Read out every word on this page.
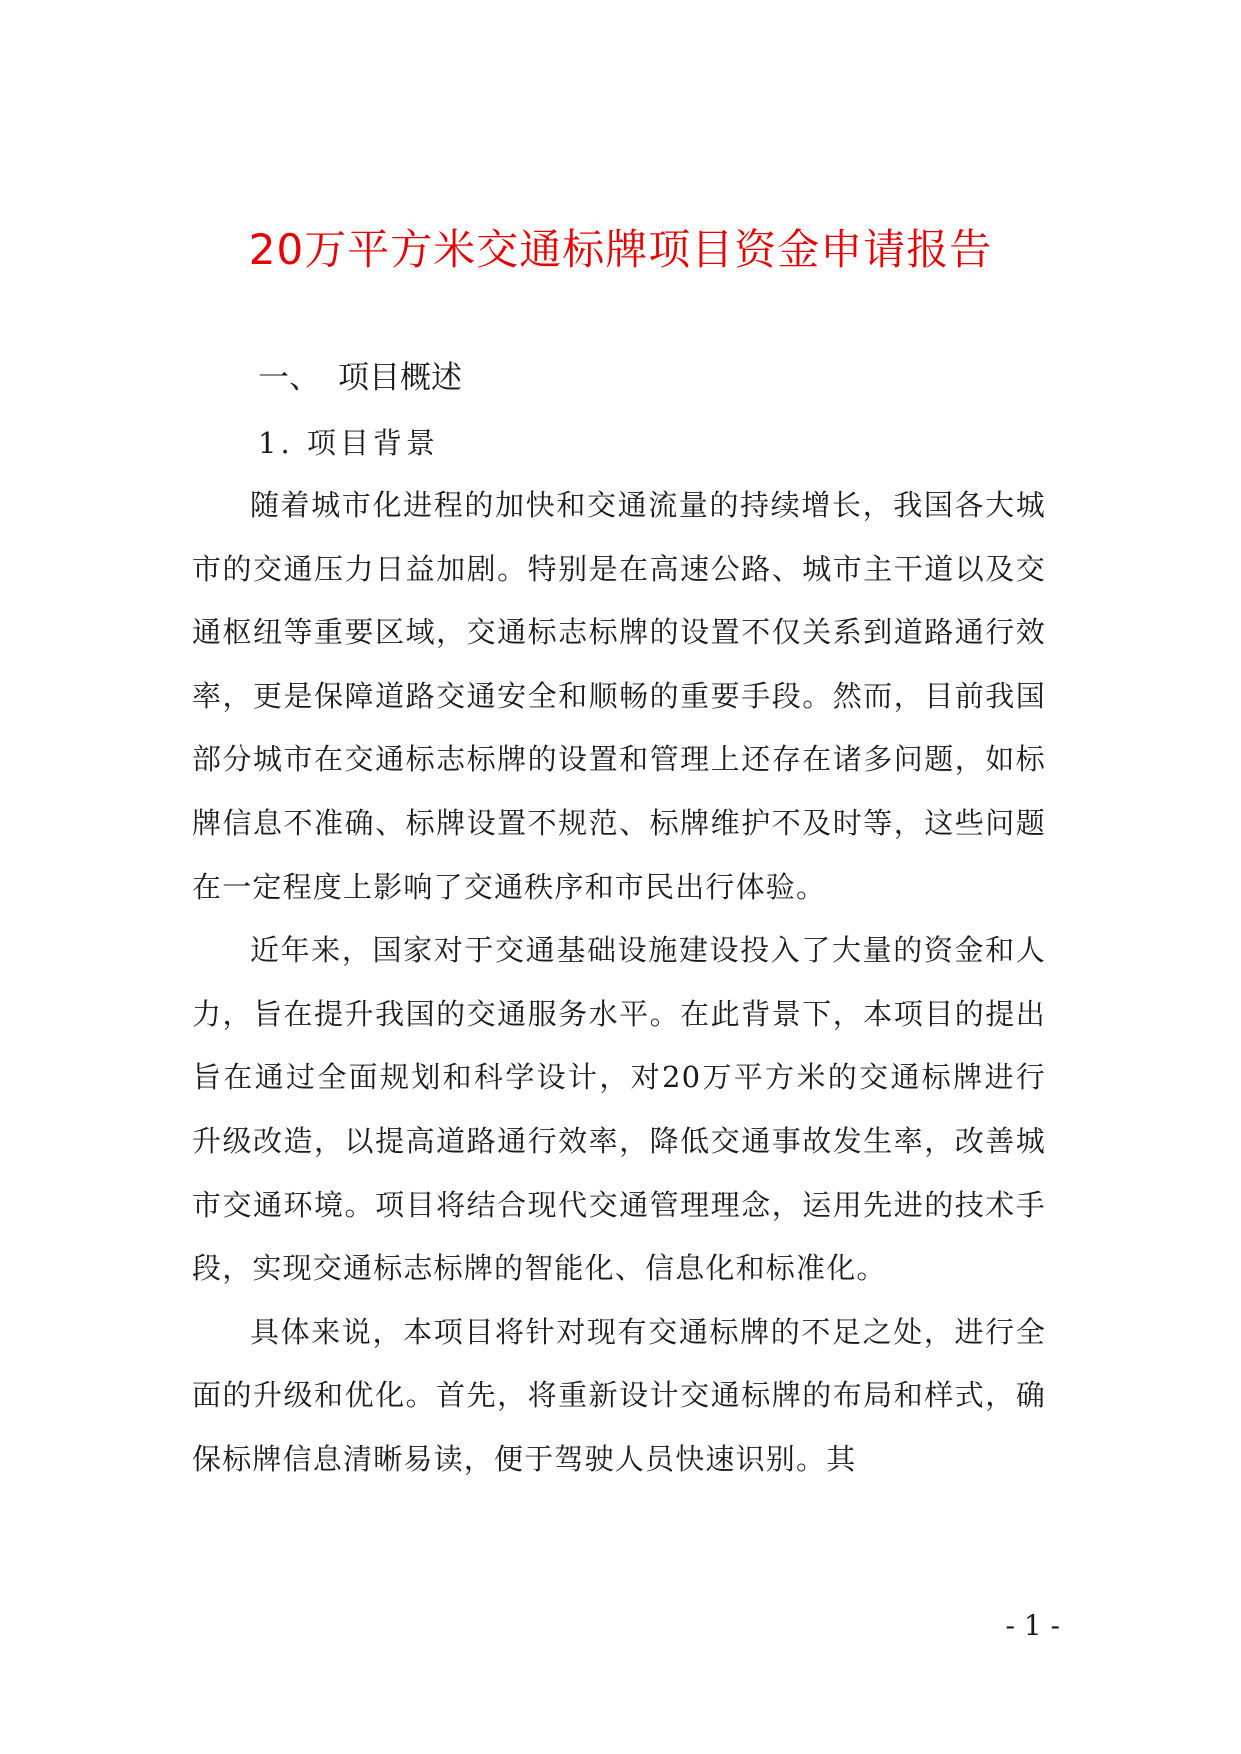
20万平方米交通标牌项目资金申请报告
一、 项目概述
1. 项目背景

随着城市化进程的加快和交通流量的持续增长，我国各大城市的交通压力日益加剧。特别是在高速公路、城市主干道以及交通枢纽等重要区域，交通标志标牌的设置不仅关系到道路通行效率，更是保障道路交通安全和顺畅的重要手段。然而，目前我国部分城市在交通标志标牌的设置和管理上还存在诸多问题，如标牌信息不准确、标牌设置不规范、标牌维护不及时等，这些问题在一定程度上影响了交通秩序和市民出行体验。

近年来，国家对于交通基础设施建设投入了大量的资金和人力，旨在提升我国的交通服务水平。在此背景下，本项目的提出旨在通过全面规划和科学设计，对20万平方米的交通标牌进行升级改造，以提高道路通行效率，降低交通事故发生率，改善城市交通环境。项目将结合现代交通管理理念，运用先进的技术手段，实现交通标志标牌的智能化、信息化和标准化。

具体来说，本项目将针对现有交通标牌的不足之处，进行全面的升级和优化。首先，将重新设计交通标牌的布局和样式，确保标牌信息清晰易读，便于驾驶人员快速识别。其

- 1 -
